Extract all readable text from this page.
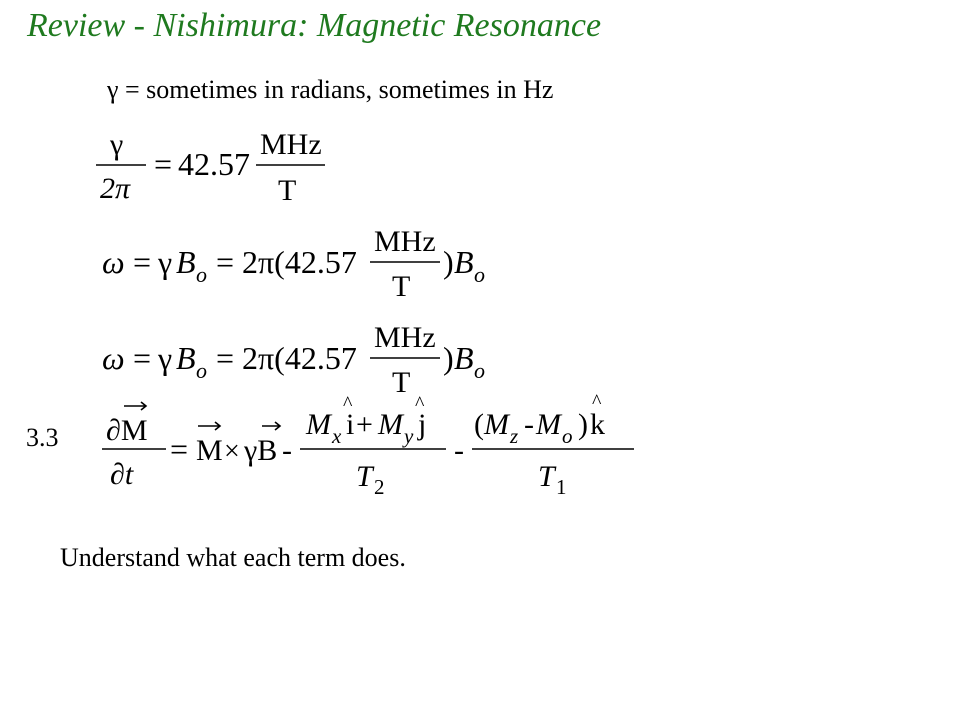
Review - Nishimura: Magnetic Resonance
γ = sometimes in radians, sometimes in Hz
γ
2π
= 42.57
MHz
T
ω = γ B o = 2π(42.57
MHz
T
) B o
ω = γ B o = 2π(42.57
MHz
T
) B o
3.3 ∂M
∂t
= M × γB -
M x i
^
+ M y j
^
T 2
-
( M z - M o ) k
^
T 1
Understand what each term does.
